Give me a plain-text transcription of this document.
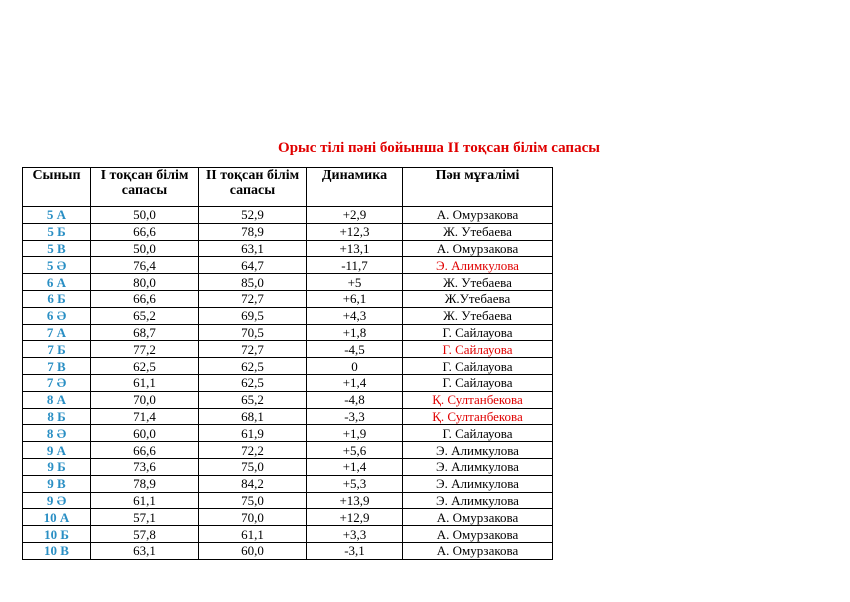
Орыс тілі пәні бойынша ІІ тоқсан білім сапасы
Сынып	І тоқсан білім сапасы	ІІ тоқсан білім сапасы	Динамика	Пән мұғалімі
5 А	50,0	52,9	+2,9	А. Омурзакова
5 Б	66,6	78,9	+12,3	Ж. Утебаева
5 В	50,0	63,1	+13,1	А. Омурзакова
5 Ә	76,4	64,7	-11,7	Э. Алимкулова
6 А	80,0	85,0	+5	Ж. Утебаева
6 Б	66,6	72,7	+6,1	Ж.Утебаева
6 Ә	65,2	69,5	+4,3	Ж. Утебаева
7 А	68,7	70,5	+1,8	Г. Сайлауова
7 Б	77,2	72,7	-4,5	Г. Сайлауова
7 В	62,5	62,5	0	Г. Сайлауова
7 Ә	61,1	62,5	+1,4	Г. Сайлауова
8 А	70,0	65,2	-4,8	Қ. Султанбекова
8 Б	71,4	68,1	-3,3	Қ. Султанбекова
8 Ә	60,0	61,9	+1,9	Г. Сайлауова
9 А	66,6	72,2	+5,6	Э. Алимкулова
9 Б	73,6	75,0	+1,4	Э. Алимкулова
9 В	78,9	84,2	+5,3	Э. Алимкулова
9 Ә	61,1	75,0	+13,9	Э. Алимкулова
10 А	57,1	70,0	+12,9	А. Омурзакова
10 Б	57,8	61,1	+3,3	А. Омурзакова
10 В	63,1	60,0	-3,1	А. Омурзакова
